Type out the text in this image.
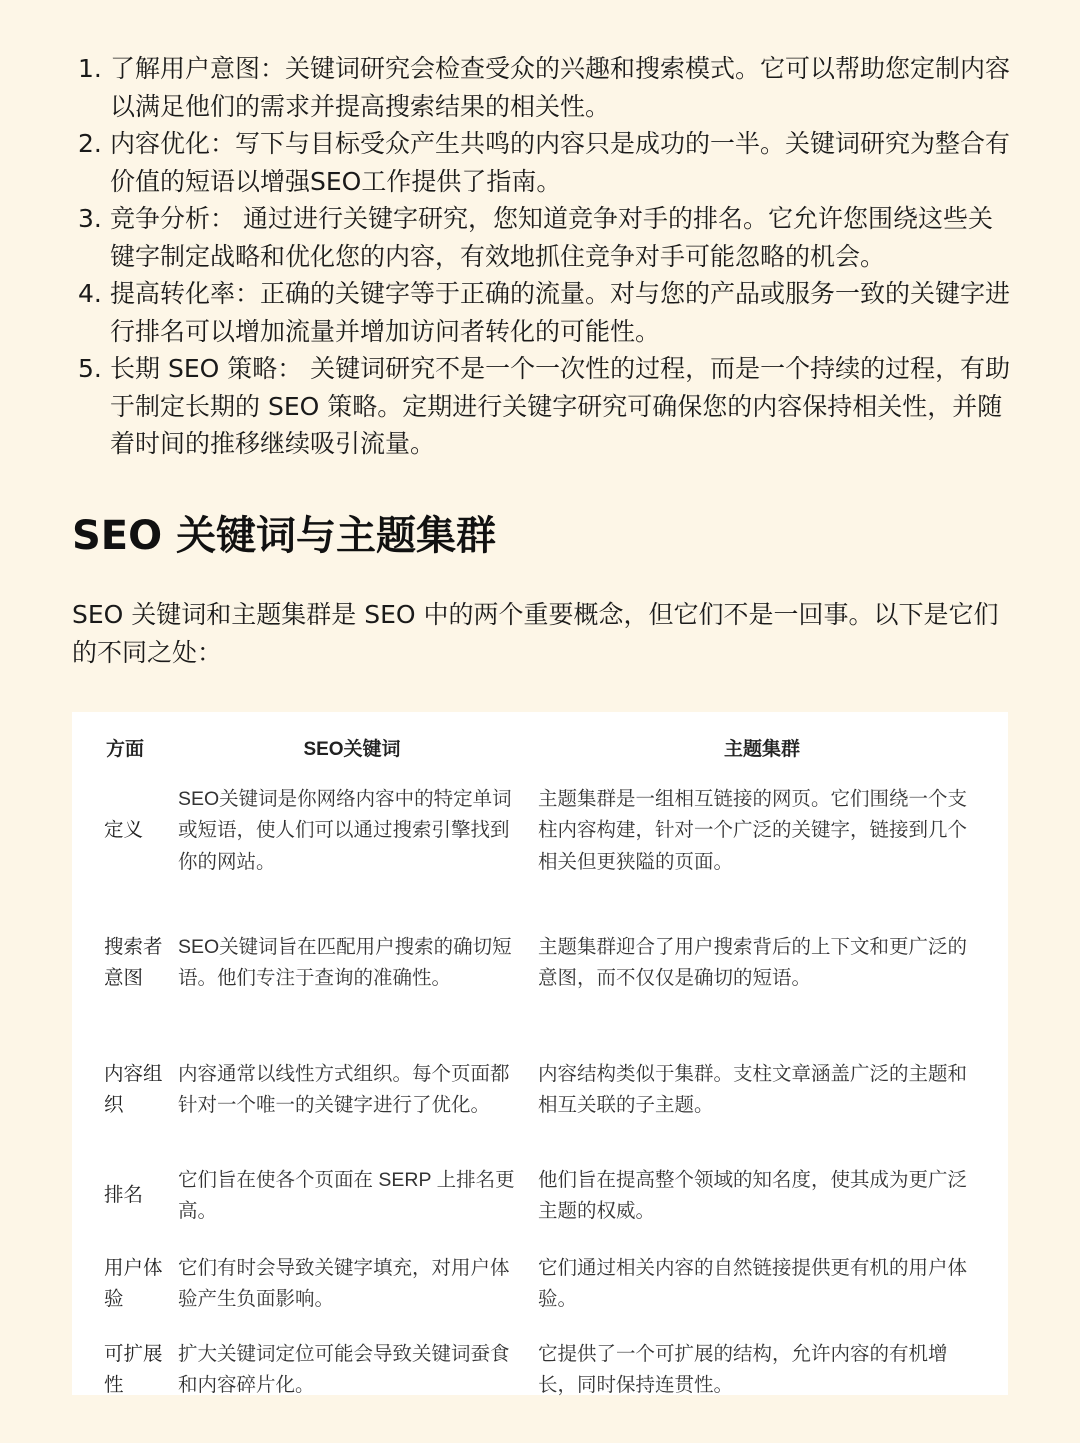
1. 了解用户意图：关键词研究会检查受众的兴趣和搜索模式。它可以帮助您定制内容以满足他们的需求并提高搜索结果的相关性。
2. 内容优化：写下与目标受众产生共鸣的内容只是成功的一半。关键词研究为整合有价值的短语以增强SEO工作提供了指南。
3. 竞争分析： 通过进行关键字研究，您知道竞争对手的排名。它允许您围绕这些关键字制定战略和优化您的内容，有效地抓住竞争对手可能忽略的机会。
4. 提高转化率：正确的关键字等于正确的流量。对与您的产品或服务一致的关键字进行排名可以增加流量并增加访问者转化的可能性。
5. 长期 SEO 策略： 关键词研究不是一个一次性的过程，而是一个持续的过程，有助于制定长期的 SEO 策略。定期进行关键字研究可确保您的内容保持相关性，并随着时间的推移继续吸引流量。
SEO 关键词与主题集群

SEO 关键词和主题集群是 SEO 中的两个重要概念，但它们不是一回事。以下是它们的不同之处：

方面	SEO关键词	主题集群
定义	SEO关键词是你网络内容中的特定单词或短语，使人们可以通过搜索引擎找到你的网站。	主题集群是一组相互链接的网页。它们围绕一个支柱内容构建，针对一个广泛的关键字，链接到几个相关但更狭隘的页面。
搜索者意图	SEO关键词旨在匹配用户搜索的确切短语。他们专注于查询的准确性。	主题集群迎合了用户搜索背后的上下文和更广泛的意图，而不仅仅是确切的短语。
内容组织	内容通常以线性方式组织。每个页面都针对一个唯一的关键字进行了优化。	内容结构类似于集群。支柱文章涵盖广泛的主题和相互关联的子主题。
排名	它们旨在使各个页面在 SERP 上排名更高。	他们旨在提高整个领域的知名度，使其成为更广泛主题的权威。
用户体验	它们有时会导致关键字填充，对用户体验产生负面影响。	它们通过相关内容的自然链接提供更有机的用户体验。
可扩展性	扩大关键词定位可能会导致关键词蚕食和内容碎片化。	它提供了一个可扩展的结构，允许内容的有机增长，同时保持连贯性。
